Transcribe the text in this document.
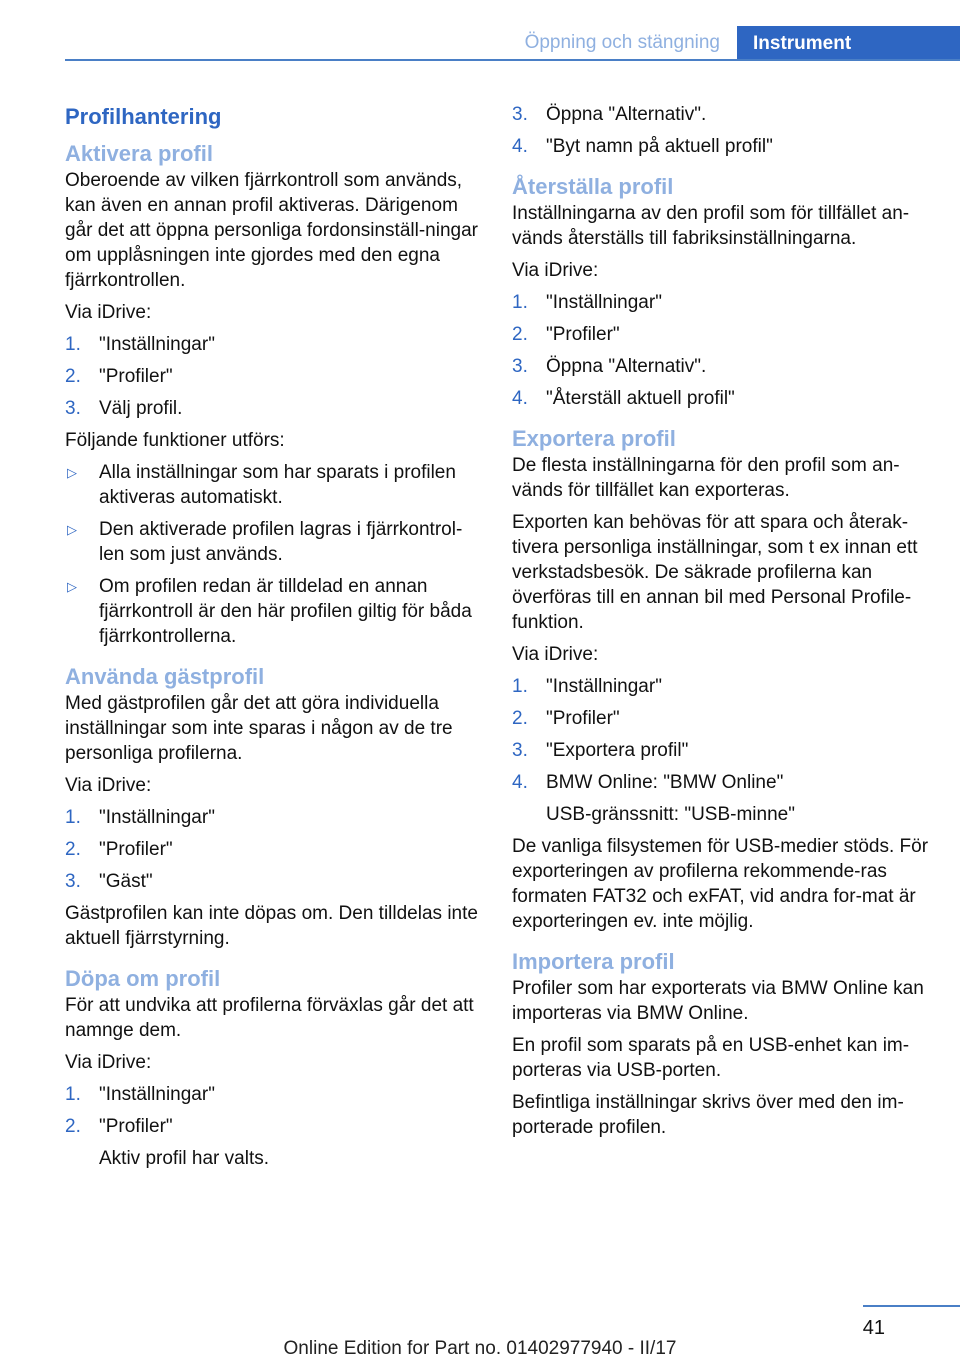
Öppning och stängning	Instrument
Profilhantering
Aktivera profil

Oberoende av vilken fjärrkontroll som används, kan även en annan profil aktiveras. Därigenom går det att öppna personliga fordonsinställ-ningar om upplåsningen inte gjordes med den egna fjärrkontrollen.

Via iDrive:

1. "Inställningar"
2. "Profiler"
3. Välj profil.

Följande funktioner utförs:

▷ Alla inställningar som har sparats i profilen aktiveras automatiskt.
▷ Den aktiverade profilen lagras i fjärrkontrol-len som just används.
▷ Om profilen redan är tilldelad en annan fjärrkontroll är den här profilen giltig för båda fjärrkontrollerna.
Använda gästprofil

Med gästprofilen går det att göra individuella inställningar som inte sparas i någon av de tre personliga profilerna.

Via iDrive:

1. "Inställningar"
2. "Profiler"
3. "Gäst"

Gästprofilen kan inte döpas om. Den tilldelas inte aktuell fjärrstyrning.

Döpa om profil

För att undvika att profilerna förväxlas går det att namnge dem.

Via iDrive:

1. "Inställningar"
2. "Profiler"
Aktiv profil har valts.
3. Öppna "Alternativ".
4. "Byt namn på aktuell profil"
Återställa profil

Inställningarna av den profil som för tillfället an-vänds återställs till fabriksinställningarna.

Via iDrive:

1. "Inställningar"
2. "Profiler"
3. Öppna "Alternativ".
4. "Återställ aktuell profil"
Exportera profil

De flesta inställningarna för den profil som an-vänds för tillfället kan exporteras.

Exporten kan behövas för att spara och återak-tivera personliga inställningar, som t ex innan ett verkstadsbesök. De säkrade profilerna kan överföras till en annan bil med Personal Profile-funktion.

Via iDrive:

1. "Inställningar"
2. "Profiler"
3. "Exportera profil"
4. BMW Online: "BMW Online"
USB-gränssnitt: "USB-minne"

De vanliga filsystemen för USB-medier stöds. För exporteringen av profilerna rekommende-ras formaten FAT32 och exFAT, vid andra for-mat är exporteringen ev. inte möjlig.

Importera profil

Profiler som har exporterats via BMW Online kan importeras via BMW Online.

En profil som sparats på en USB-enhet kan im-porteras via USB-porten.

Befintliga inställningar skrivs över med den im-porterade profilen.

41
Online Edition for Part no. 01402977940 - II/17
